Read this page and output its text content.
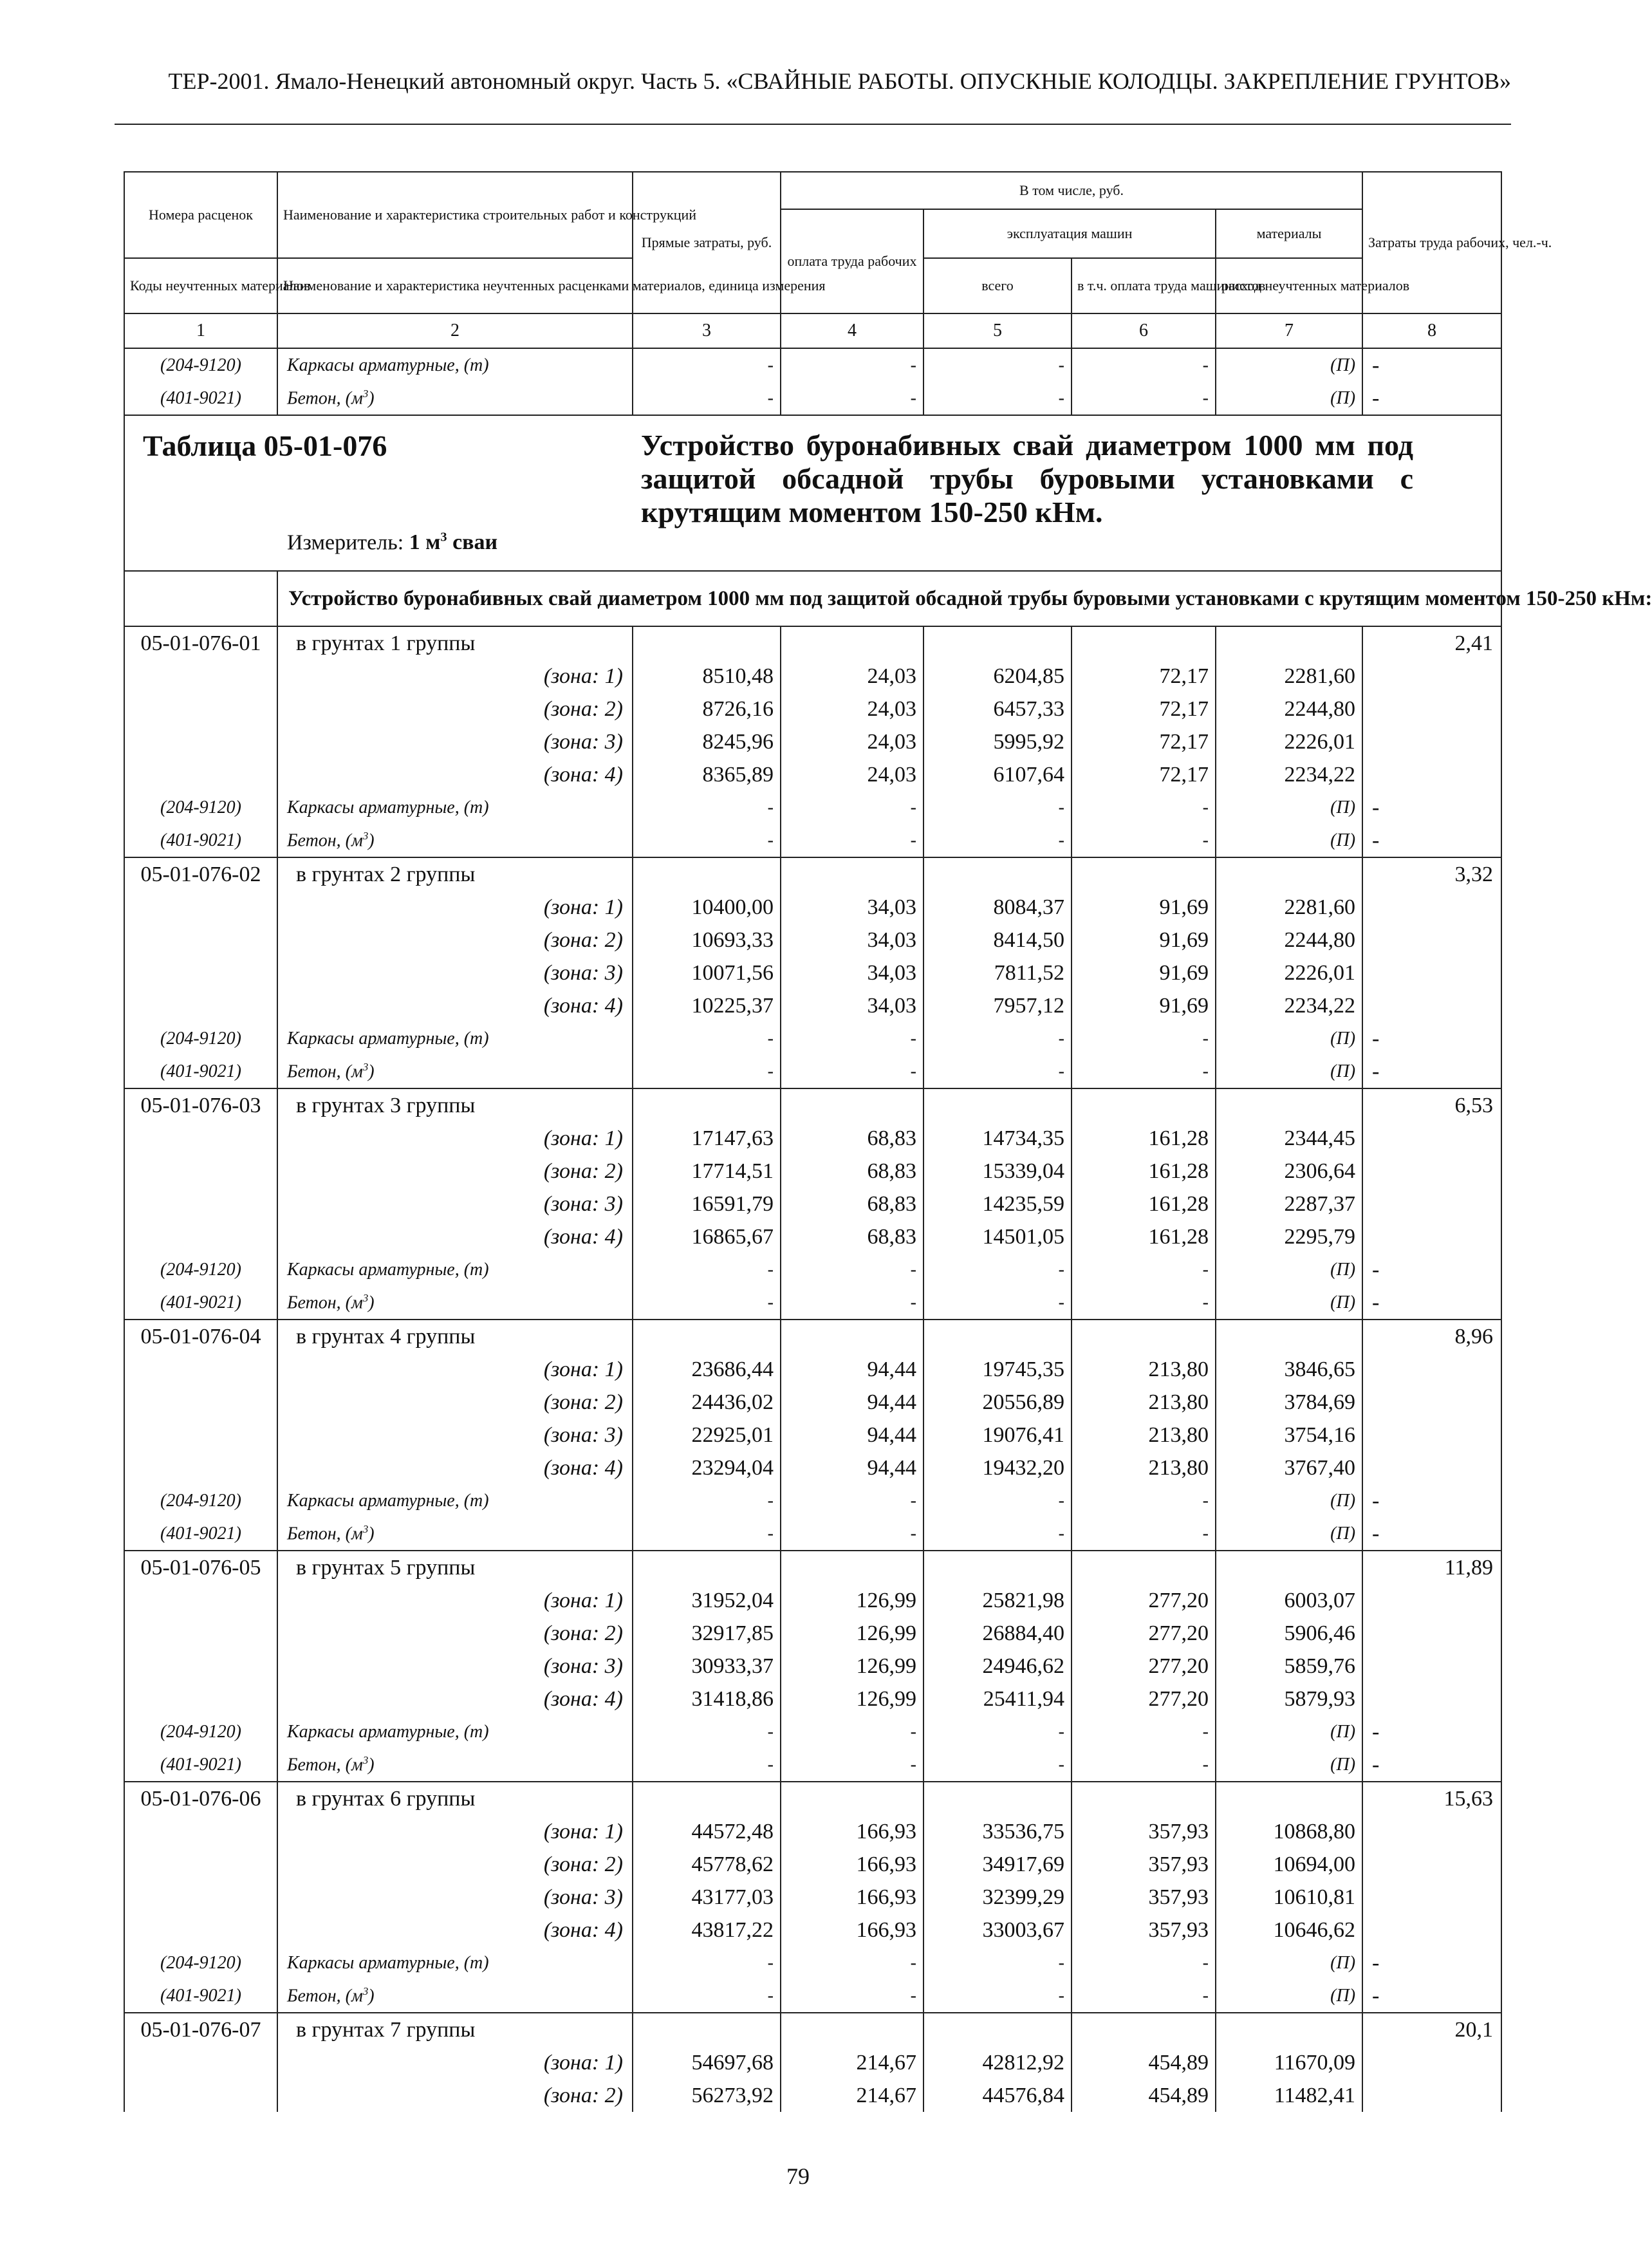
ТЕР-2001. Ямало-Ненецкий автономный округ. Часть 5. «СВАЙНЫЕ РАБОТЫ. ОПУСКНЫЕ КОЛОДЦЫ. ЗАКРЕПЛЕНИЕ ГРУНТОВ»
Номера расценок	Наименование и характеристика строительных работ и конструкций	Прямые затраты, руб.	В том числе, руб.				Затраты труда рабочих, чел.-ч.
			оплата труда рабочих	эксплуатация машин		материалы	
Коды неучтенных материалов	Наименование и характеристика неучтенных расценками материалов, единица измерения			всего	в т.ч. оплата труда машинистов	расход неучтенных материалов	
1	2	3	4	5	6	7	8
(204-9120)	Каркасы арматурные, (т)	-	-	-	-	(П)	-
(401-9021)	Бетон, $(м^3)$	-	-	-	-	(П)	-

Таблица 05-01-076 Устройство буронабивных свай диаметром 1000 мм под защитой обсадной трубы буровыми установками с крутящим моментом 150-250 кНм.
Измеритель: 1 $м^3$ сваи							

	Устройство буронабивных свай диаметром 1000 мм под защитой обсадной трубы буровыми установками с крутящим моментом 150-250 кНм:						
05-01-076-01	в грунтах 1 группы						2,41
	(зона: 1)	8510,48	24,03	6204,85	72,17	2281,60	
	(зона: 2)	8726,16	24,03	6457,33	72,17	2244,80	
	(зона: 3)	8245,96	24,03	5995,92	72,17	2226,01	
	(зона: 4)	8365,89	24,03	6107,64	72,17	2234,22	
(204-9120)	Каркасы арматурные, (т)	-	-	-	-	(П)	-
(401-9021)	Бетон, $(м^3)$	-	-	-	-	(П)	-
05-01-076-02	в грунтах 2 группы						3,32
	(зона: 1)	10400,00	34,03	8084,37	91,69	2281,60	
	(зона: 2)	10693,33	34,03	8414,50	91,69	2244,80	
	(зона: 3)	10071,56	34,03	7811,52	91,69	2226,01	
	(зона: 4)	10225,37	34,03	7957,12	91,69	2234,22	
(204-9120)	Каркасы арматурные, (т)	-	-	-	-	(П)	-
(401-9021)	Бетон, $(м^3)$	-	-	-	-	(П)	-
05-01-076-03	в грунтах 3 группы						6,53
	(зона: 1)	17147,63	68,83	14734,35	161,28	2344,45	
	(зона: 2)	17714,51	68,83	15339,04	161,28	2306,64	
	(зона: 3)	16591,79	68,83	14235,59	161,28	2287,37	
	(зона: 4)	16865,67	68,83	14501,05	161,28	2295,79	
(204-9120)	Каркасы арматурные, (т)	-	-	-	-	(П)	-
(401-9021)	Бетон, $(м^3)$	-	-	-	-	(П)	-
05-01-076-04	в грунтах 4 группы						8,96
	(зона: 1)	23686,44	94,44	19745,35	213,80	3846,65	
	(зона: 2)	24436,02	94,44	20556,89	213,80	3784,69	
	(зона: 3)	22925,01	94,44	19076,41	213,80	3754,16	
	(зона: 4)	23294,04	94,44	19432,20	213,80	3767,40	
(204-9120)	Каркасы арматурные, (т)	-	-	-	-	(П)	-
(401-9021)	Бетон, $(м^3)$	-	-	-	-	(П)	-
05-01-076-05	в грунтах 5 группы						11,89
	(зона: 1)	31952,04	126,99	25821,98	277,20	6003,07	
	(зона: 2)	32917,85	126,99	26884,40	277,20	5906,46	
	(зона: 3)	30933,37	126,99	24946,62	277,20	5859,76	
	(зона: 4)	31418,86	126,99	25411,94	277,20	5879,93	
(204-9120)	Каркасы арматурные, (т)	-	-	-	-	(П)	-
(401-9021)	Бетон, $(м^3)$	-	-	-	-	(П)	-
05-01-076-06	в грунтах 6 группы						15,63
	(зона: 1)	44572,48	166,93	33536,75	357,93	10868,80	
	(зона: 2)	45778,62	166,93	34917,69	357,93	10694,00	
	(зона: 3)	43177,03	166,93	32399,29	357,93	10610,81	
	(зона: 4)	43817,22	166,93	33003,67	357,93	10646,62	
(204-9120)	Каркасы арматурные, (т)	-	-	-	-	(П)	-
(401-9021)	Бетон, $(м^3)$	-	-	-	-	(П)	-
05-01-076-07	в грунтах 7 группы						20,1
	(зона: 1)	54697,68	214,67	42812,92	454,89	11670,09	
	(зона: 2)	56273,92	214,67	44576,84	454,89	11482,41	
79
